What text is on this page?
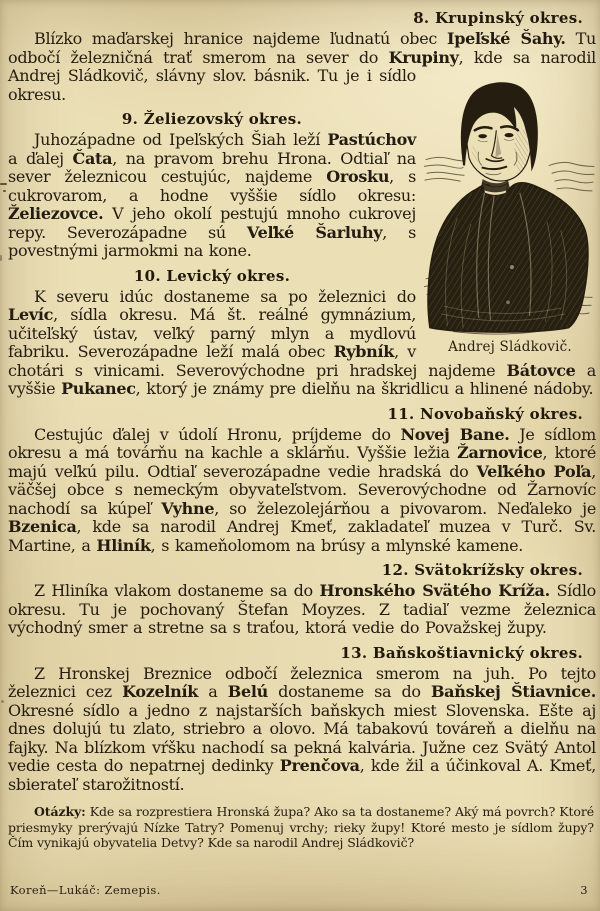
Andrej Sládkovič.
8. Krupinský okres.

Blízko maďarskej hranice najdeme ľudnatú obec Ipeľské Šahy. Tu odbočí železničná trať smerom na sever do Krupiny, kde sa narodil Andrej Sládkovič, slávny slov. básnik. Tu je i sídlo okresu.

9. Želiezovský okres.

Juhozápadne od Ipeľských Šiah leží Pastúchov a ďalej Čata, na pravom brehu Hrona. Odtiaľ na sever železnicou cestujúc, najdeme Orosku, s cukrovarom, a hodne vyššie sídlo okresu: Želiezovce. V jeho okolí pestujú mnoho cukrovej repy. Severozápadne sú Veľké Šarluhy, s povestnými jarmokmi na kone.

10. Levický okres.

K severu idúc dostaneme sa po železnici do Levíc, sídla okresu. Má št. reálné gymnázium, učiteľský ústav, veľký parný mlyn a mydlovú fabriku. Severozápadne leží malá obec Rybník, v chotári s vinicami. Severovýchodne pri hradskej najdeme Bátovce a vyššie Pukanec, ktorý je známy pre dielňu na škridlicu a hlinené nádoby.

11. Novobaňský okres.

Cestujúc ďalej v údolí Hronu, príjdeme do Novej Bane. Je sídlom okresu a má továrňu na kachle a sklárňu. Vyššie ležia Žarnovice, ktoré majú veľkú pilu. Odtiaľ severozápadne vedie hradská do Veľkého Poľa, väčšej obce s nemeckým obyvateľstvom. Severovýchodne od Žarnovíc nachodí sa kúpeľ Vyhne, so železolejárňou a pivovarom. Neďaleko je Bzenica, kde sa narodil Andrej Kmeť, zakladateľ muzea v Turč. Sv. Martine, a Hliník, s kameňolomom na brúsy a mlynské kamene.

12. Svätokrížsky okres.

Z Hliníka vlakom dostaneme sa do Hronského Svätého Kríža. Sídlo okresu. Tu je pochovaný Štefan Moyzes. Z tadiaľ vezme železnica východný smer a stretne sa s traťou, ktorá vedie do Považskej župy.

13. Baňskoštiavnický okres.

Z Hronskej Breznice odbočí železnica smerom na juh. Po tejto železnici cez Kozelník a Belú dostaneme sa do Baňskej Štiavnice. Okresné sídlo a jedno z najstarších baňskych miest Slovenska. Ešte aj dnes dolujú tu zlato, striebro a olovo. Má tabakovú továreň a dielňu na fajky. Na blízkom vŕšku nachodí sa pekná kalvária. Južne cez Svätý Antol vedie cesta do nepatrnej dedinky Prenčova, kde žil a účinkoval A. Kmeť, sbierateľ starožitností.

Otázky: Kde sa rozprestiera Hronská župa? Ako sa ta dostaneme? Aký má povrch? Ktoré priesmyky prerývajú Nízke Tatry? Pomenuj vrchy; rieky župy! Ktoré mesto je sídlom župy? Čím vynikajú obyvatelia Detvy? Kde sa narodil Andrej Sládkovič?

Koreň—Lukáč: Zemepis.	3
